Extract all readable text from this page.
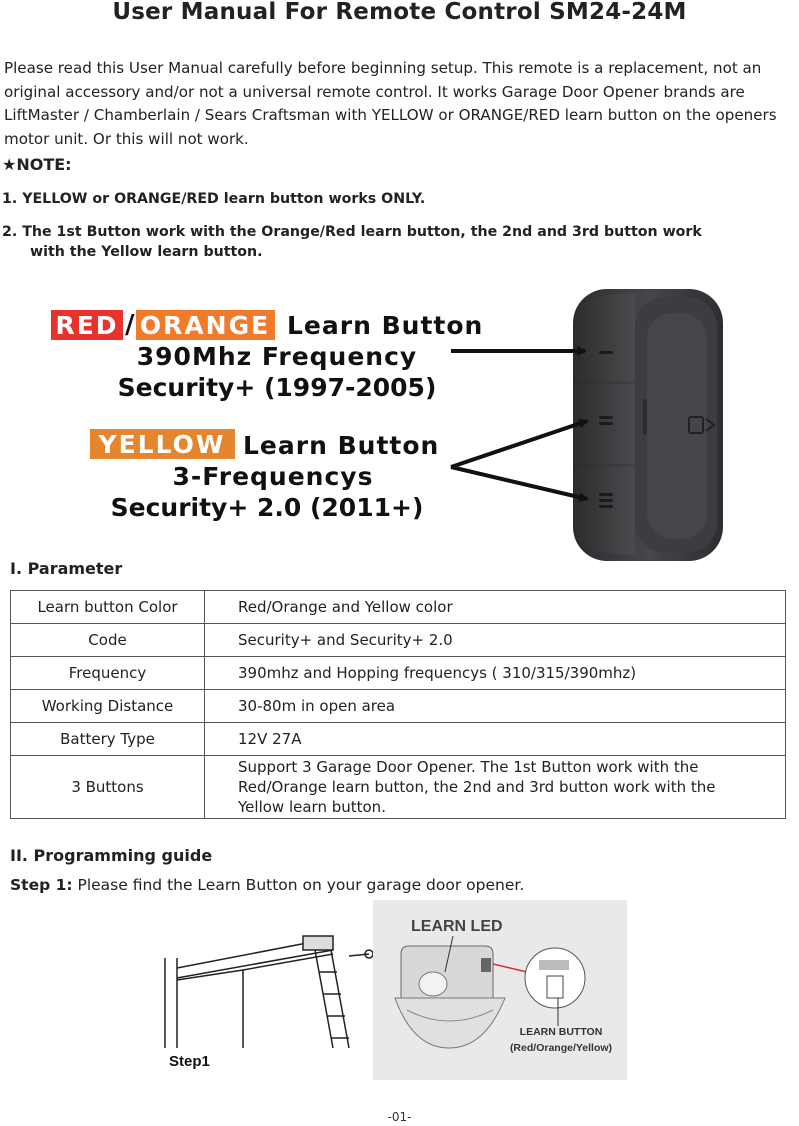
User Manual For Remote Control SM24-24M
Please read this User Manual carefully before beginning setup. This remote is a replacement, not an original accessory and/or not a universal remote control. It works Garage Door Opener brands are LiftMaster / Chamberlain / Sears Craftsman with YELLOW or ORANGE/RED learn button on the openers motor unit. Or this will not work.
★NOTE:
1. YELLOW or ORANGE/RED learn button works ONLY.
2. The 1st Button work with the Orange/Red learn button, the 2nd and 3rd button work
with the Yellow learn button.
RED / ORANGE Learn Button
390Mhz Frequency
Security+ (1997-2005)
YELLOW Learn Button
3-Frequencys
Security+ 2.0 (2011+)
I. Parameter
Learn button Color	Red/Orange and Yellow color
Code	Security+ and Security+ 2.0
Frequency	390mhz and Hopping frequencys ( 310/315/390mhz)
Working Distance	30-80m in open area
Battery Type	12V 27A
3 Buttons	Support 3 Garage Door Opener. The 1st Button work with the Red/Orange learn button, the 2nd and 3rd button work with the Yellow learn button.
II. Programming guide
Step 1: Please find the Learn Button on your garage door opener.
Step1
LEARN LED
LEARN BUTTON
(Red/Orange/Yellow)
-01-
